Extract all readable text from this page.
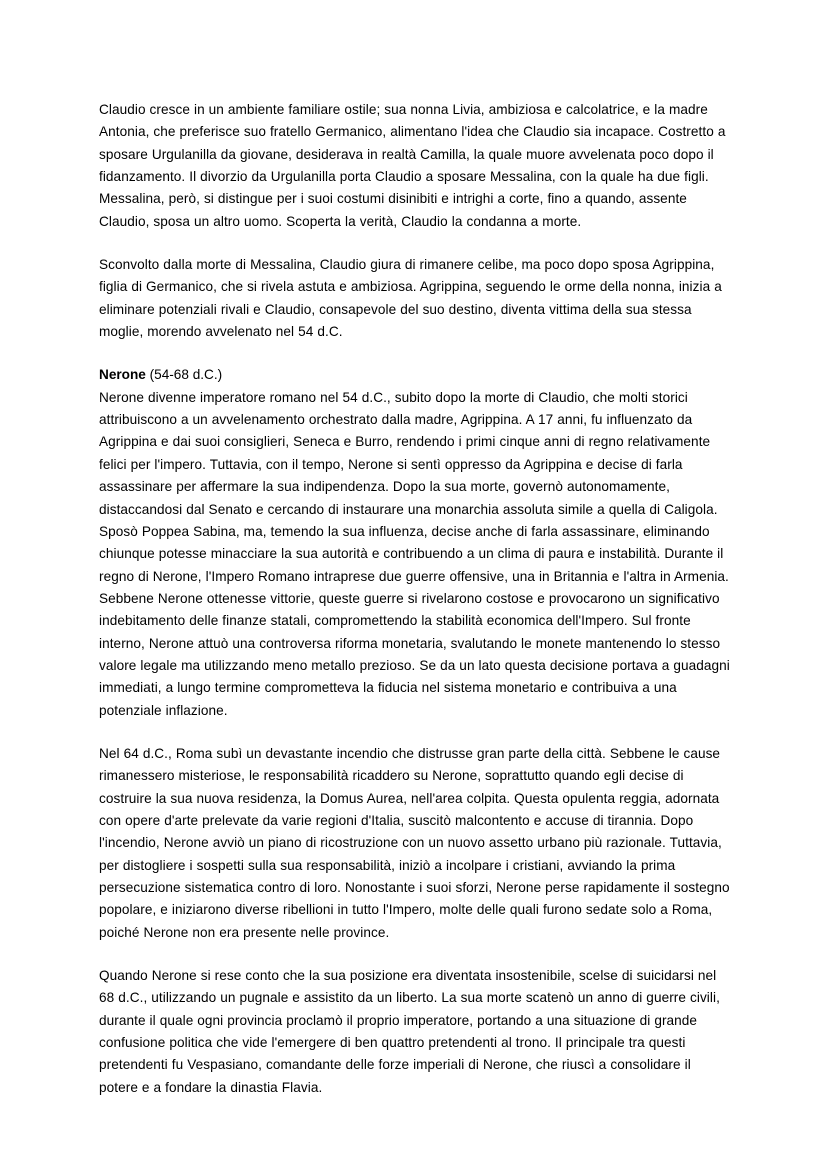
Claudio cresce in un ambiente familiare ostile; sua nonna Livia, ambiziosa e calcolatrice, e la madre Antonia, che preferisce suo fratello Germanico, alimentano l'idea che Claudio sia incapace. Costretto a sposare Urgulanilla da giovane, desiderava in realtà Camilla, la quale muore avvelenata poco dopo il fidanzamento. Il divorzio da Urgulanilla porta Claudio a sposare Messalina, con la quale ha due figli. Messalina, però, si distingue per i suoi costumi disinibiti e intrighi a corte, fino a quando, assente Claudio, sposa un altro uomo. Scoperta la verità, Claudio la condanna a morte.

Sconvolto dalla morte di Messalina, Claudio giura di rimanere celibe, ma poco dopo sposa Agrippina, figlia di Germanico, che si rivela astuta e ambiziosa. Agrippina, seguendo le orme della nonna, inizia a eliminare potenziali rivali e Claudio, consapevole del suo destino, diventa vittima della sua stessa moglie, morendo avvelenato nel 54 d.C.

Nerone (54-68 d.C.)

Nerone divenne imperatore romano nel 54 d.C., subito dopo la morte di Claudio, che molti storici attribuiscono a un avvelenamento orchestrato dalla madre, Agrippina. A 17 anni, fu influenzato da Agrippina e dai suoi consiglieri, Seneca e Burro, rendendo i primi cinque anni di regno relativamente felici per l'impero. Tuttavia, con il tempo, Nerone si sentì oppresso da Agrippina e decise di farla assassinare per affermare la sua indipendenza. Dopo la sua morte, governò autonomamente, distaccandosi dal Senato e cercando di instaurare una monarchia assoluta simile a quella di Caligola. Sposò Poppea Sabina, ma, temendo la sua influenza, decise anche di farla assassinare, eliminando chiunque potesse minacciare la sua autorità e contribuendo a un clima di paura e instabilità. Durante il regno di Nerone, l'Impero Romano intraprese due guerre offensive, una in Britannia e l'altra in Armenia. Sebbene Nerone ottenesse vittorie, queste guerre si rivelarono costose e provocarono un significativo indebitamento delle finanze statali, compromettendo la stabilità economica dell'Impero. Sul fronte interno, Nerone attuò una controversa riforma monetaria, svalutando le monete mantenendo lo stesso valore legale ma utilizzando meno metallo prezioso. Se da un lato questa decisione portava a guadagni immediati, a lungo termine comprometteva la fiducia nel sistema monetario e contribuiva a una potenziale inflazione.

Nel 64 d.C., Roma subì un devastante incendio che distrusse gran parte della città. Sebbene le cause rimanessero misteriose, le responsabilità ricaddero su Nerone, soprattutto quando egli decise di costruire la sua nuova residenza, la Domus Aurea, nell'area colpita. Questa opulenta reggia, adornata con opere d'arte prelevate da varie regioni d'Italia, suscitò malcontento e accuse di tirannia. Dopo l'incendio, Nerone avviò un piano di ricostruzione con un nuovo assetto urbano più razionale. Tuttavia, per distogliere i sospetti sulla sua responsabilità, iniziò a incolpare i cristiani, avviando la prima persecuzione sistematica contro di loro. Nonostante i suoi sforzi, Nerone perse rapidamente il sostegno popolare, e iniziarono diverse ribellioni in tutto l'Impero, molte delle quali furono sedate solo a Roma, poiché Nerone non era presente nelle province.

Quando Nerone si rese conto che la sua posizione era diventata insostenibile, scelse di suicidarsi nel 68 d.C., utilizzando un pugnale e assistito da un liberto. La sua morte scatenò un anno di guerre civili, durante il quale ogni provincia proclamò il proprio imperatore, portando a una situazione di grande confusione politica che vide l'emergere di ben quattro pretendenti al trono. Il principale tra questi pretendenti fu Vespasiano, comandante delle forze imperiali di Nerone, che riuscì a consolidare il potere e a fondare la dinastia Flavia.
